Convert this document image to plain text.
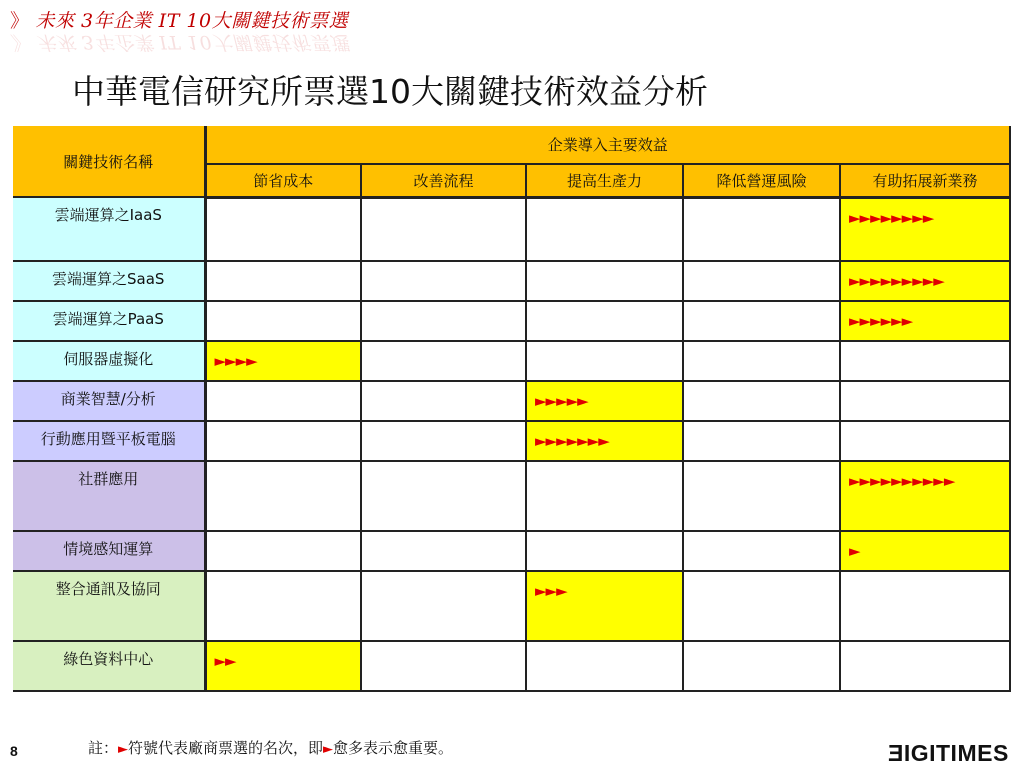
》 未來 3年企業 IT 10大關鍵技術票選
》 未來 3年企業 IT 10大關鍵技術票選
中華電信研究所票選10大關鍵技術效益分析
關鍵技術名稱	企業導入主要效益				
	節省成本	改善流程	提高生產力	降低營運風險	有助拓展新業務
雲端運算之IaaS					►►►►►►►►

雲端運算之SaaS					►►►►►►►►►

雲端運算之PaaS					►►►►►►

伺服器虛擬化	►►►►				

商業智慧/分析			►►►►►		

行動應用暨平板電腦			►►►►►►►		

社群應用					►►►►►►►►►►

情境感知運算					►

整合通訊及協同			►►►		

綠色資料中心	►►				

註：►符號代表廠商票選的名次，即►愈多表示愈重要。
8	ƎIGITIMES
